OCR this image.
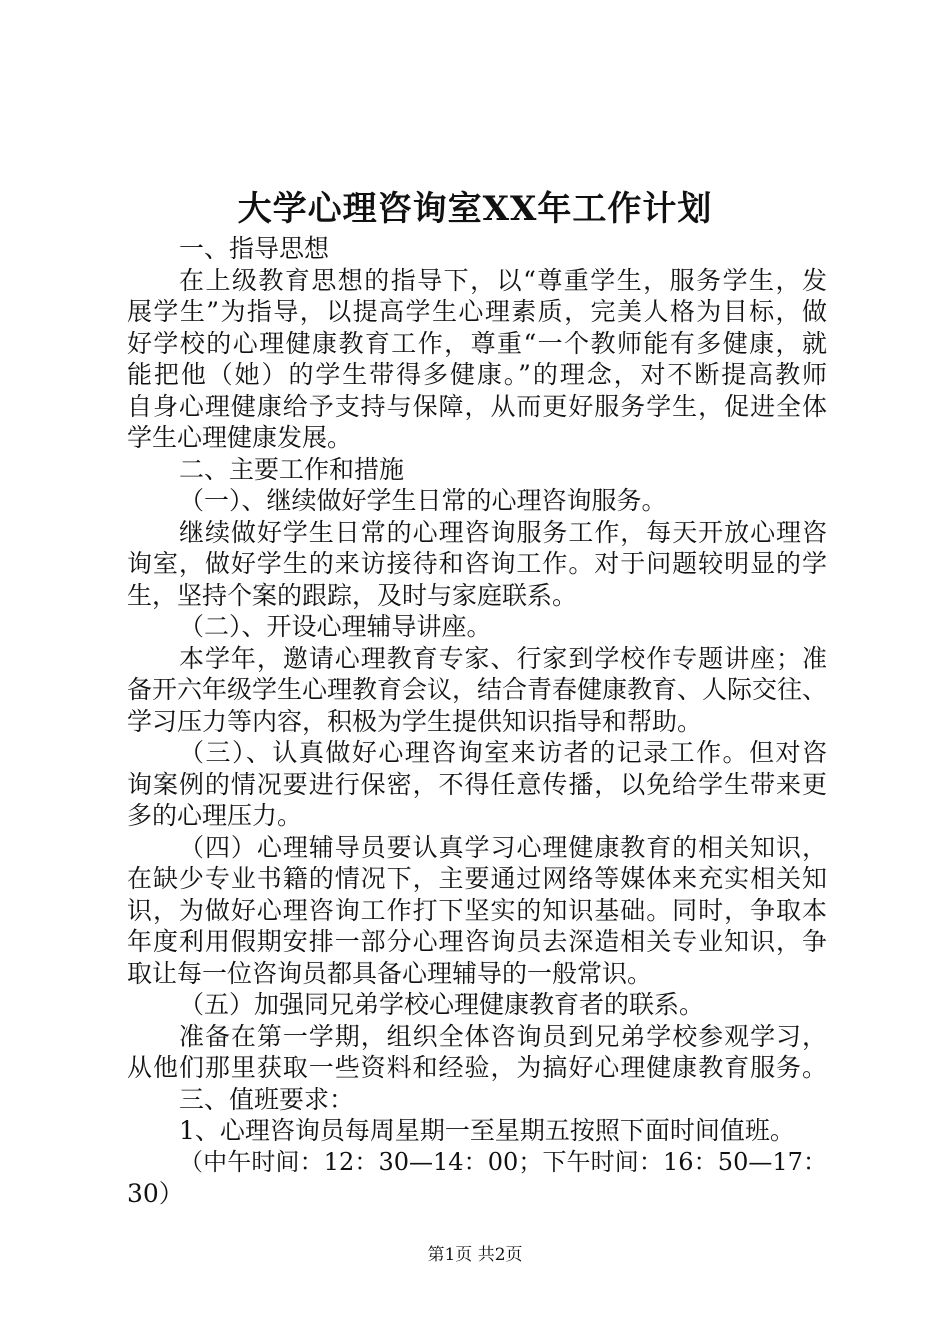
大学心理咨询室XX年工作计划

一、指导思想

在上级教育思想的指导下，以“尊重学生，服务学生，发

展学生”为指导，以提高学生心理素质，完美人格为目标，做

好学校的心理健康教育工作，尊重“一个教师能有多健康，就

能把他（她）的学生带得多健康。”的理念，对不断提高教师

自身心理健康给予支持与保障，从而更好服务学生，促进全体

学生心理健康发展。

二、主要工作和措施

（一）、继续做好学生日常的心理咨询服务。

继续做好学生日常的心理咨询服务工作，每天开放心理咨

询室，做好学生的来访接待和咨询工作。对于问题较明显的学

生，坚持个案的跟踪，及时与家庭联系。

（二）、开设心理辅导讲座。

本学年，邀请心理教育专家、行家到学校作专题讲座；准

备开六年级学生心理教育会议，结合青春健康教育、人际交往、

学习压力等内容，积极为学生提供知识指导和帮助。

（三）、认真做好心理咨询室来访者的记录工作。但对咨

询案例的情况要进行保密，不得任意传播，以免给学生带来更

多的心理压力。

（四）心理辅导员要认真学习心理健康教育的相关知识，

在缺少专业书籍的情况下，主要通过网络等媒体来充实相关知

识，为做好心理咨询工作打下坚实的知识基础。同时，争取本

年度利用假期安排一部分心理咨询员去深造相关专业知识，争

取让每一位咨询员都具备心理辅导的一般常识。

（五）加强同兄弟学校心理健康教育者的联系。

准备在第一学期，组织全体咨询员到兄弟学校参观学习，

从他们那里获取一些资料和经验，为搞好心理健康教育服务。

三、值班要求：

1、心理咨询员每周星期一至星期五按照下面时间值班。

（中午时间：12：30—14：00；下午时间：16：50—17：

30）

第1页 共2页
